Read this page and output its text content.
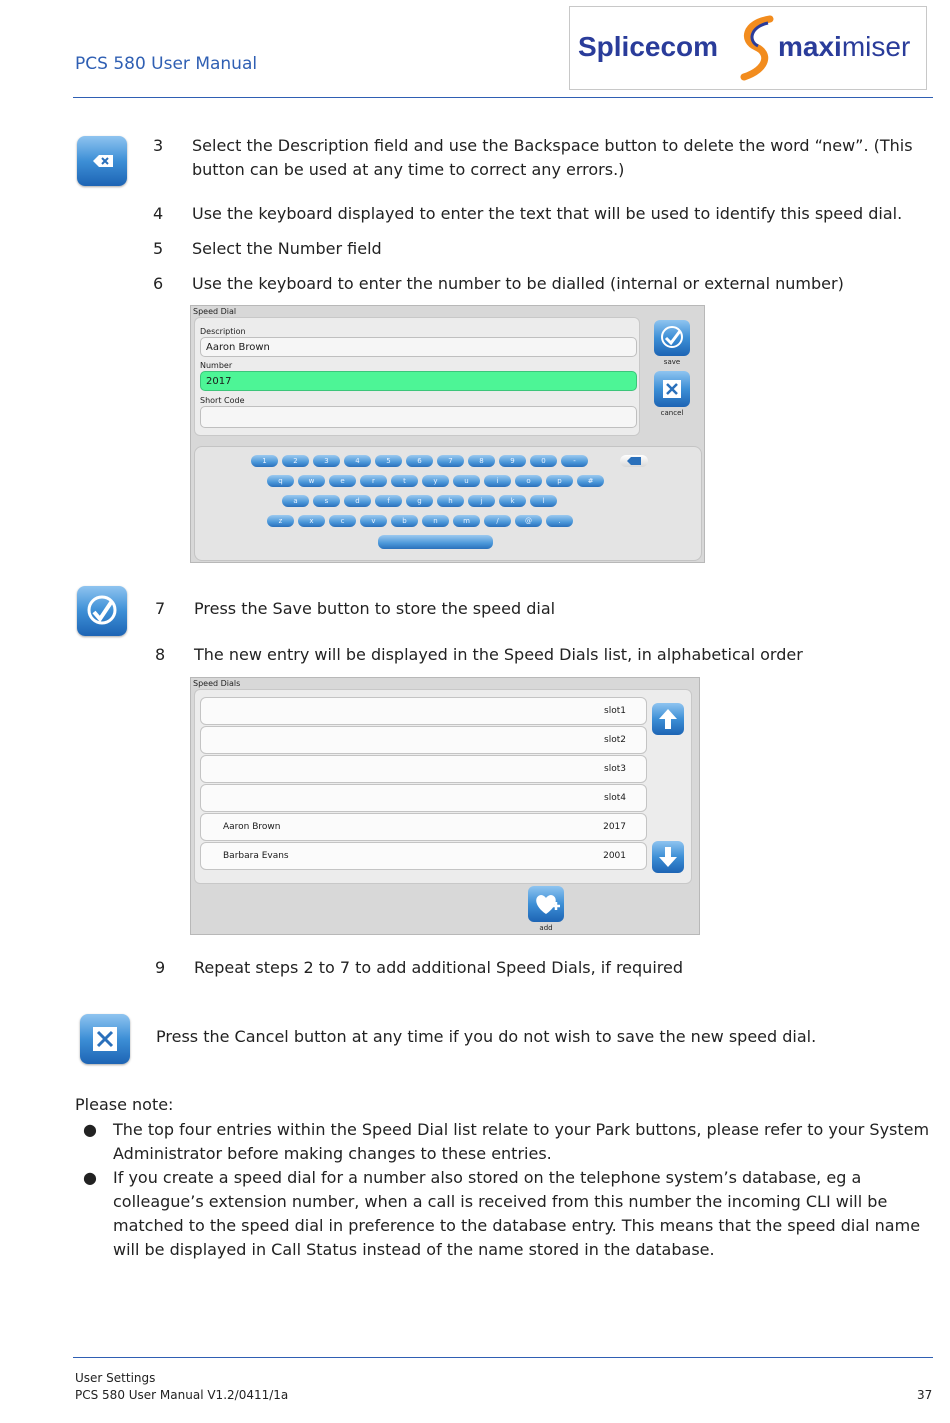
PCS 580 User Manual
Splicecom maximiser
3 Select the Description field and use the Backspace button to delete the word “new”. (This button can be used at any time to correct any errors.)
4 Use the keyboard displayed to enter the text that will be used to identify this speed dial.
5 Select the Number field
6 Use the keyboard to enter the number to be dialled (internal or external number)
Speed Dial
Description
Aaron Brown
Number
2017
Short Code
save
cancel
1	2	3	4	5	6	7	8	9	0	-
q	w	e	r	t	y	u	i	o	p	#
a	s	d	f	g	h	j	k	l
z	x	c	v	b	n	m	/	@	.
7 Press the Save button to store the speed dial
8 The new entry will be displayed in the Speed Dials list, in alphabetical order
Speed Dials
slot1
slot2
slot3
slot4
Aaron Brown	2017
Barbara Evans	2001
add
9 Repeat steps 2 to 7 to add additional Speed Dials, if required
Press the Cancel button at any time if you do not wish to save the new speed dial.
Please note:
● The top four entries within the Speed Dial list relate to your Park buttons, please refer to your System Administrator before making changes to these entries.
● If you create a speed dial for a number also stored on the telephone system’s database, eg a colleague’s extension number, when a call is received from this number the incoming CLI will be matched to the speed dial in preference to the database entry. This means that the speed dial name will be displayed in Call Status instead of the name stored in the database.
User Settings
PCS 580 User Manual V1.2/0411/1a	37
